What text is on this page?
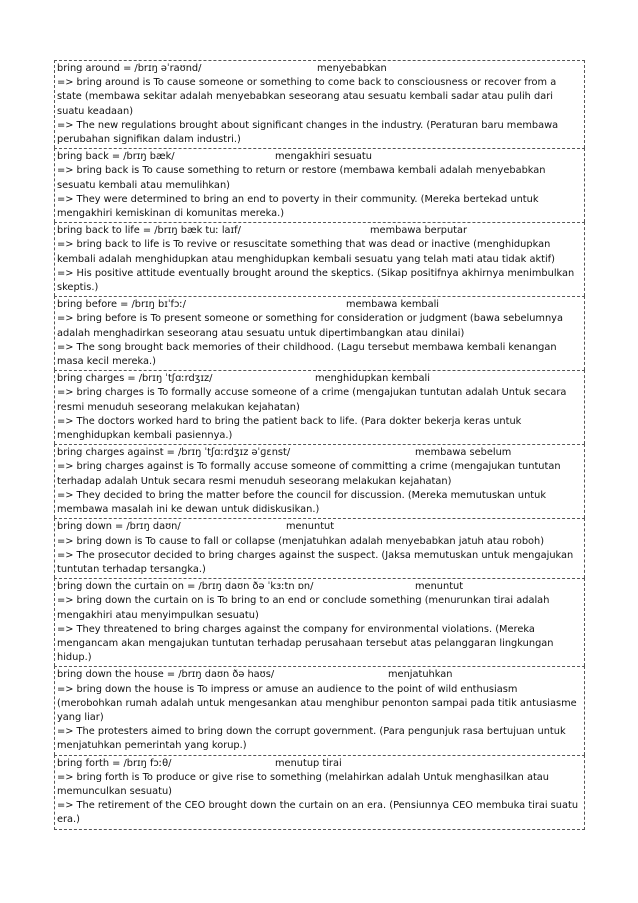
bring around = /brɪŋ əˈraʊnd/	menyebabkan

=> bring around is To cause someone or something to come back to consciousness or recover from a state (membawa sekitar adalah menyebabkan seseorang atau sesuatu kembali sadar atau pulih dari suatu keadaan)

=> The new regulations brought about significant changes in the industry. (Peraturan baru membawa perubahan signifikan dalam industri.)

bring back = /brɪŋ bæk/	mengakhiri sesuatu

=> bring back is To cause something to return or restore (membawa kembali adalah menyebabkan sesuatu kembali atau memulihkan)

=> They were determined to bring an end to poverty in their community. (Mereka bertekad untuk mengakhiri kemiskinan di komunitas mereka.)

bring back to life = /brɪŋ bæk tuː laɪf/	membawa berputar

=> bring back to life is To revive or resuscitate something that was dead or inactive (menghidupkan kembali adalah menghidupkan atau menghidupkan kembali sesuatu yang telah mati atau tidak aktif)

=> His positive attitude eventually brought around the skeptics. (Sikap positifnya akhirnya menimbulkan skeptis.)

bring before = /brɪŋ bɪˈfɔː/	membawa kembali

=> bring before is To present someone or something for consideration or judgment (bawa sebelumnya adalah menghadirkan seseorang atau sesuatu untuk dipertimbangkan atau dinilai)

=> The song brought back memories of their childhood. (Lagu tersebut membawa kembali kenangan masa kecil mereka.)

bring charges = /brɪŋ ˈtʃɑːrdʒɪz/	menghidupkan kembali

=> bring charges is To formally accuse someone of a crime (mengajukan tuntutan adalah Untuk secara resmi menuduh seseorang melakukan kejahatan)

=> The doctors worked hard to bring the patient back to life. (Para dokter bekerja keras untuk menghidupkan kembali pasiennya.)

bring charges against = /brɪŋ ˈtʃɑːrdʒɪz əˈɡɛnst/	membawa sebelum

=> bring charges against is To formally accuse someone of committing a crime (mengajukan tuntutan terhadap adalah Untuk secara resmi menuduh seseorang melakukan kejahatan)

=> They decided to bring the matter before the council for discussion. (Mereka memutuskan untuk membawa masalah ini ke dewan untuk didiskusikan.)

bring down = /brɪŋ daʊn/	menuntut

=> bring down is To cause to fall or collapse (menjatuhkan adalah menyebabkan jatuh atau roboh)

=> The prosecutor decided to bring charges against the suspect. (Jaksa memutuskan untuk mengajukan tuntutan terhadap tersangka.)

bring down the curtain on = /brɪŋ daʊn ðə ˈkɜːtn ɒn/	menuntut

=> bring down the curtain on is To bring to an end or conclude something (menurunkan tirai adalah mengakhiri atau menyimpulkan sesuatu)

=> They threatened to bring charges against the company for environmental violations. (Mereka mengancam akan mengajukan tuntutan terhadap perusahaan tersebut atas pelanggaran lingkungan hidup.)

bring down the house = /brɪŋ daʊn ðə haʊs/	menjatuhkan

=> bring down the house is To impress or amuse an audience to the point of wild enthusiasm (merobohkan rumah adalah untuk mengesankan atau menghibur penonton sampai pada titik antusiasme yang liar)

=> The protesters aimed to bring down the corrupt government. (Para pengunjuk rasa bertujuan untuk menjatuhkan pemerintah yang korup.)

bring forth = /brɪŋ fɔːθ/	menutup tirai

=> bring forth is To produce or give rise to something (melahirkan adalah Untuk menghasilkan atau memunculkan sesuatu)

=> The retirement of the CEO brought down the curtain on an era. (Pensiunnya CEO membuka tirai suatu era.)
